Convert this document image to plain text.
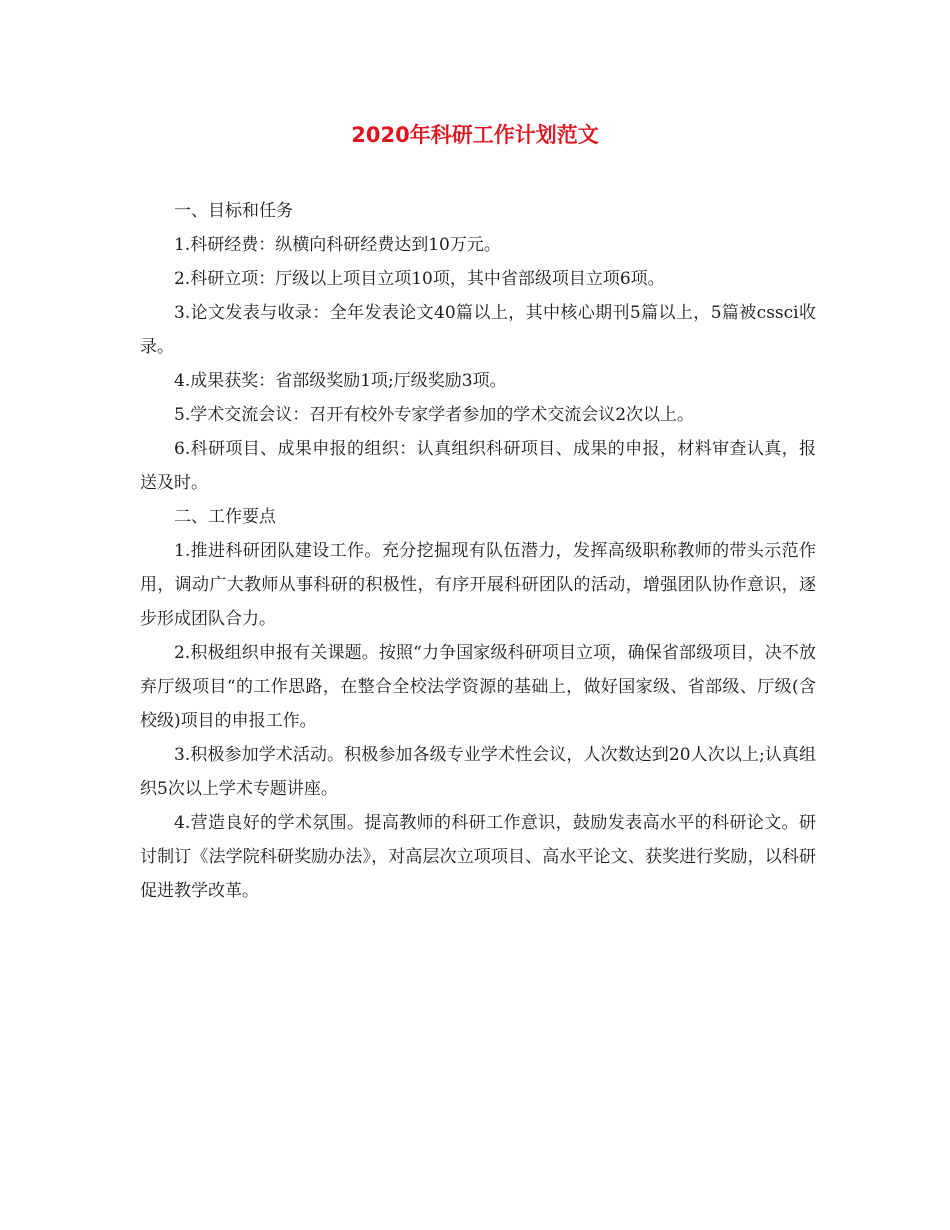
2020年科研工作计划范文

一、目标和任务

1.科研经费：纵横向科研经费达到10万元。

2.科研立项：厅级以上项目立项10项，其中省部级项目立项6项。

3.论文发表与收录：全年发表论文40篇以上，其中核心期刊5篇以上，5篇被cssci收录。

4.成果获奖：省部级奖励1项;厅级奖励3项。

5.学术交流会议：召开有校外专家学者参加的学术交流会议2次以上。

6.科研项目、成果申报的组织：认真组织科研项目、成果的申报，材料审查认真，报送及时。

二、工作要点

1.推进科研团队建设工作。充分挖掘现有队伍潜力，发挥高级职称教师的带头示范作用，调动广大教师从事科研的积极性，有序开展科研团队的活动，增强团队协作意识，逐步形成团队合力。

2.积极组织申报有关课题。按照“力争国家级科研项目立项，确保省部级项目，决不放弃厅级项目“的工作思路，在整合全校法学资源的基础上，做好国家级、省部级、厅级(含校级)项目的申报工作。

3.积极参加学术活动。积极参加各级专业学术性会议，人次数达到20人次以上;认真组织5次以上学术专题讲座。

4.营造良好的学术氛围。提高教师的科研工作意识，鼓励发表高水平的科研论文。研讨制订《法学院科研奖励办法》，对高层次立项项目、高水平论文、获奖进行奖励，以科研促进教学改革。
